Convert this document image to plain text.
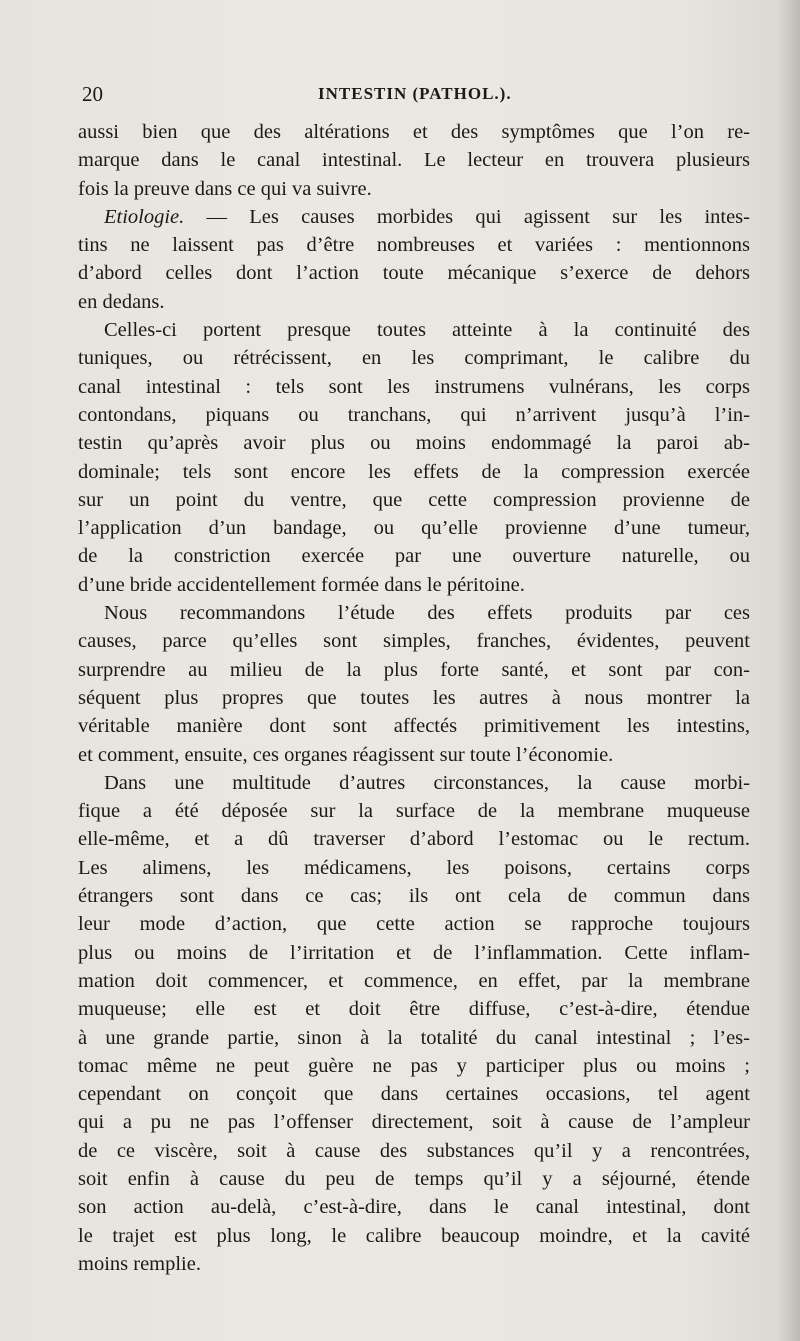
20	INTESTIN (PATHOL.).
aussi bien que des altérations et des symptômes que l’on re-
marque dans le canal intestinal. Le lecteur en trouvera plusieurs
fois la preuve dans ce qui va suivre.
Etiologie. — Les causes morbides qui agissent sur les intes-
tins ne laissent pas d’être nombreuses et variées : mentionnons
d’abord celles dont l’action toute mécanique s’exerce de dehors
en dedans.
Celles-ci portent presque toutes atteinte à la continuité des
tuniques, ou rétrécissent, en les comprimant, le calibre du
canal intestinal : tels sont les instrumens vulnérans, les corps
contondans, piquans ou tranchans, qui n’arrivent jusqu’à l’in-
testin qu’après avoir plus ou moins endommagé la paroi ab-
dominale; tels sont encore les effets de la compression exercée
sur un point du ventre, que cette compression provienne de
l’application d’un bandage, ou qu’elle provienne d’une tumeur,
de la constriction exercée par une ouverture naturelle, ou
d’une bride accidentellement formée dans le péritoine.
Nous recommandons l’étude des effets produits par ces
causes, parce qu’elles sont simples, franches, évidentes, peuvent
surprendre au milieu de la plus forte santé, et sont par con-
séquent plus propres que toutes les autres à nous montrer la
véritable manière dont sont affectés primitivement les intestins,
et comment, ensuite, ces organes réagissent sur toute l’économie.
Dans une multitude d’autres circonstances, la cause morbi-
fique a été déposée sur la surface de la membrane muqueuse
elle-même, et a dû traverser d’abord l’estomac ou le rectum.
Les alimens, les médicamens, les poisons, certains corps
étrangers sont dans ce cas; ils ont cela de commun dans
leur mode d’action, que cette action se rapproche toujours
plus ou moins de l’irritation et de l’inflammation. Cette inflam-
mation doit commencer, et commence, en effet, par la membrane
muqueuse; elle est et doit être diffuse, c’est-à-dire, étendue
à une grande partie, sinon à la totalité du canal intestinal ; l’es-
tomac même ne peut guère ne pas y participer plus ou moins ;
cependant on conçoit que dans certaines occasions, tel agent
qui a pu ne pas l’offenser directement, soit à cause de l’ampleur
de ce viscère, soit à cause des substances qu’il y a rencontrées,
soit enfin à cause du peu de temps qu’il y a séjourné, étende
son action au-delà, c’est-à-dire, dans le canal intestinal, dont
le trajet est plus long, le calibre beaucoup moindre, et la cavité
moins remplie.
